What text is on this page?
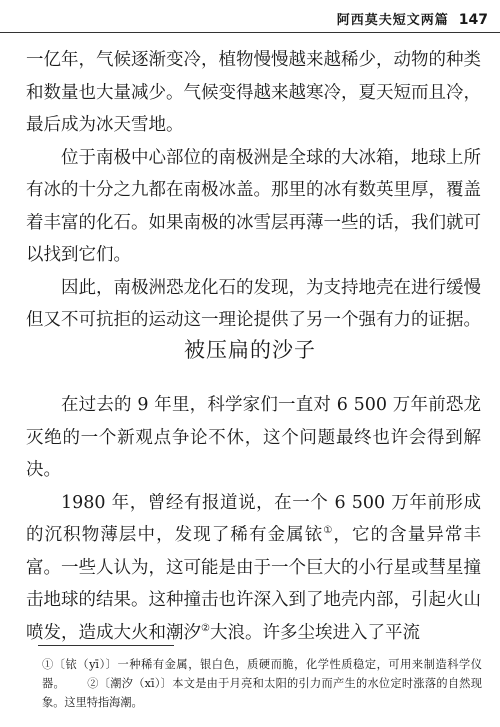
阿西莫夫短文两篇 147

一亿年，气候逐渐变冷，植物慢慢越来越稀少，动物的种类和数量也大量减少。气候变得越来越寒冷，夏天短而且冷，最后成为冰天雪地。

位于南极中心部位的南极洲是全球的大冰箱，地球上所有冰的十分之九都在南极冰盖。那里的冰有数英里厚，覆盖着丰富的化石。如果南极的冰雪层再薄一些的话，我们就可以找到它们。

因此，南极洲恐龙化石的发现，为支持地壳在进行缓慢但又不可抗拒的运动这一理论提供了另一个强有力的证据。

被压扁的沙子

在过去的 9 年里，科学家们一直对 6 500 万年前恐龙灭绝的一个新观点争论不休，这个问题最终也许会得到解决。

1980 年，曾经有报道说，在一个 6 500 万年前形成的沉积物薄层中，发现了稀有金属铱①，它的含量异常丰富。一些人认为，这可能是由于一个巨大的小行星或彗星撞击地球的结果。这种撞击也许深入到了地壳内部，引起火山喷发，造成大火和潮汐②大浪。许多尘埃进入了平流

①〔铱（yī）〕一种稀有金属，银白色，质硬而脆，化学性质稳定，可用来制造科学仪器。 ②〔潮汐（xī）〕本文是由于月亮和太阳的引力而产生的水位定时涨落的自然现象。这里特指海潮。
